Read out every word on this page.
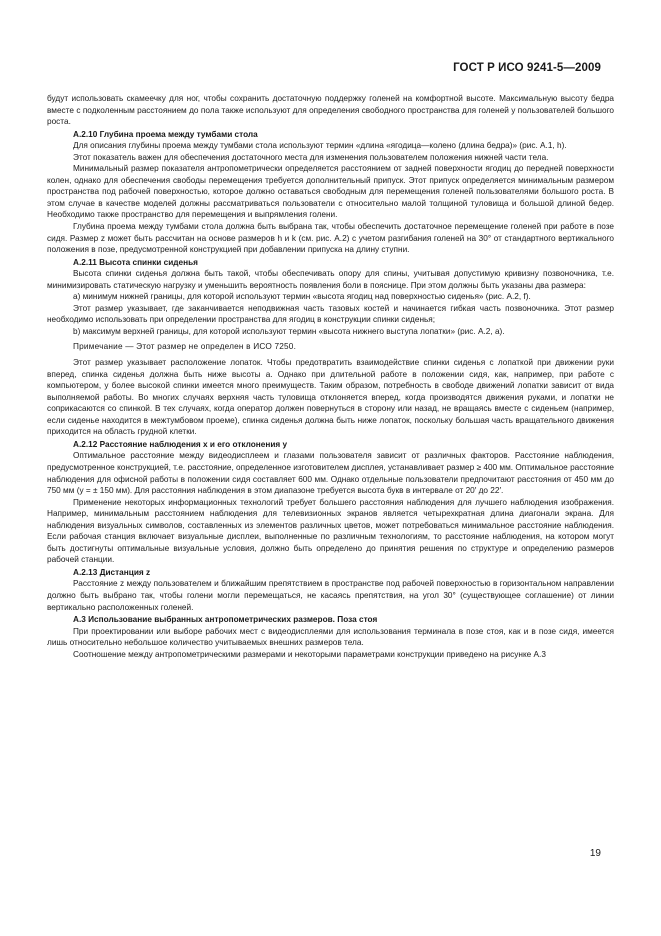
ГОСТ Р ИСО 9241-5—2009

будут использовать скамеечку для ног, чтобы сохранить достаточную поддержку голеней на комфортной высоте. Максимальную высоту бедра вместе с подколенным расстоянием до пола также используют для определения свободного пространства для голеней у пользователей большого роста.

A.2.10 Глубина проема между тумбами стола

Для описания глубины проема между тумбами стола используют термин «длина «ягодица—колено (длина бедра)» (рис. A.1, h).

Этот показатель важен для обеспечения достаточного места для изменения пользователем положения нижней части тела.

Минимальный размер показателя антропометрически определяется расстоянием от задней поверхности ягодиц до передней поверхности колен, однако для обеспечения свободы перемещения требуется дополнительный припуск. Этот припуск определяется минимальным размером пространства под рабочей поверхностью, которое должно оставаться свободным для перемещения голеней пользователями большого роста. В этом случае в качестве моделей должны рассматриваться пользователи с относительно малой толщиной туловища и большой длиной бедер. Необходимо также пространство для перемещения и выпрямления голени.

Глубина проема между тумбами стола должна быть выбрана так, чтобы обеспечить достаточное перемещение голеней при работе в позе сидя. Размер z может быть рассчитан на основе размеров h и k (см. рис. A.2) с учетом разгибания голеней на 30° от стандартного вертикального положения в позе, предусмотренной конструкцией при добавлении припуска на длину ступни.

A.2.11 Высота спинки сиденья

Высота спинки сиденья должна быть такой, чтобы обеспечивать опору для спины, учитывая допустимую кривизну позвоночника, т.е. минимизировать статическую нагрузку и уменьшить вероятность появления боли в пояснице. При этом должны быть указаны два размера:

а) минимум нижней границы, для которой используют термин «высота ягодиц над поверхностью сиденья» (рис. A.2, f).

Этот размер указывает, где заканчивается неподвижная часть тазовых костей и начинается гибкая часть позвоночника. Этот размер необходимо использовать при определении пространства для ягодиц в конструкции спинки сиденья;

b) максимум верхней границы, для которой используют термин «высота нижнего выступа лопатки» (рис. A.2, a).

Примечание — Этот размер не определен в ИСО 7250.

Этот размер указывает расположение лопаток. Чтобы предотвратить взаимодействие спинки сиденья с лопаткой при движении руки вперед, спинка сиденья должна быть ниже высоты a. Однако при длительной работе в положении сидя, как, например, при работе с компьютером, у более высокой спинки имеется много преимуществ. Таким образом, потребность в свободе движений лопатки зависит от вида выполняемой работы. Во многих случаях верхняя часть туловища отклоняется вперед, когда производятся движения руками, и лопатки не соприкасаются со спинкой. В тех случаях, когда оператор должен повернуться в сторону или назад, не вращаясь вместе с сиденьем (например, если сиденье находится в межтумбовом проеме), спинка сиденья должна быть ниже лопаток, поскольку большая часть вращательного движения приходится на область грудной клетки.

A.2.12 Расстояние наблюдения x и его отклонения y

Оптимальное расстояние между видеодисплеем и глазами пользователя зависит от различных факторов. Расстояние наблюдения, предусмотренное конструкцией, т.е. расстояние, определенное изготовителем дисплея, устанавливает размер ≥ 400 мм. Оптимальное расстояние наблюдения для офисной работы в положении сидя составляет 600 мм. Однако отдельные пользователи предпочитают расстояния от 450 мм до 750 мм (y = ± 150 мм). Для расстояния наблюдения в этом диапазоне требуется высота букв в интервале от 20′ до 22′.

Применение некоторых информационных технологий требует большего расстояния наблюдения для лучшего наблюдения изображения. Например, минимальным расстоянием наблюдения для телевизионных экранов является четырехкратная длина диагонали экрана. Для наблюдения визуальных символов, составленных из элементов различных цветов, может потребоваться минимальное расстояние наблюдения. Если рабочая станция включает визуальные дисплеи, выполненные по различным технологиям, то расстояние наблюдения, на котором могут быть достигнуты оптимальные визуальные условия, должно быть определено до принятия решения по структуре и определению размеров рабочей станции.

A.2.13 Дистанция z

Расстояние z между пользователем и ближайшим препятствием в пространстве под рабочей поверхностью в горизонтальном направлении должно быть выбрано так, чтобы голени могли перемещаться, не касаясь препятствия, на угол 30° (существующее соглашение) от линии вертикально расположенных голеней.

A.3 Использование выбранных антропометрических размеров. Поза стоя

При проектировании или выборе рабочих мест с видеодисплеями для использования терминала в позе стоя, как и в позе сидя, имеется лишь относительно небольшое количество учитываемых внешних размеров тела.

Соотношение между антропометрическими размерами и некоторыми параметрами конструкции приведено на рисунке A.3

19
